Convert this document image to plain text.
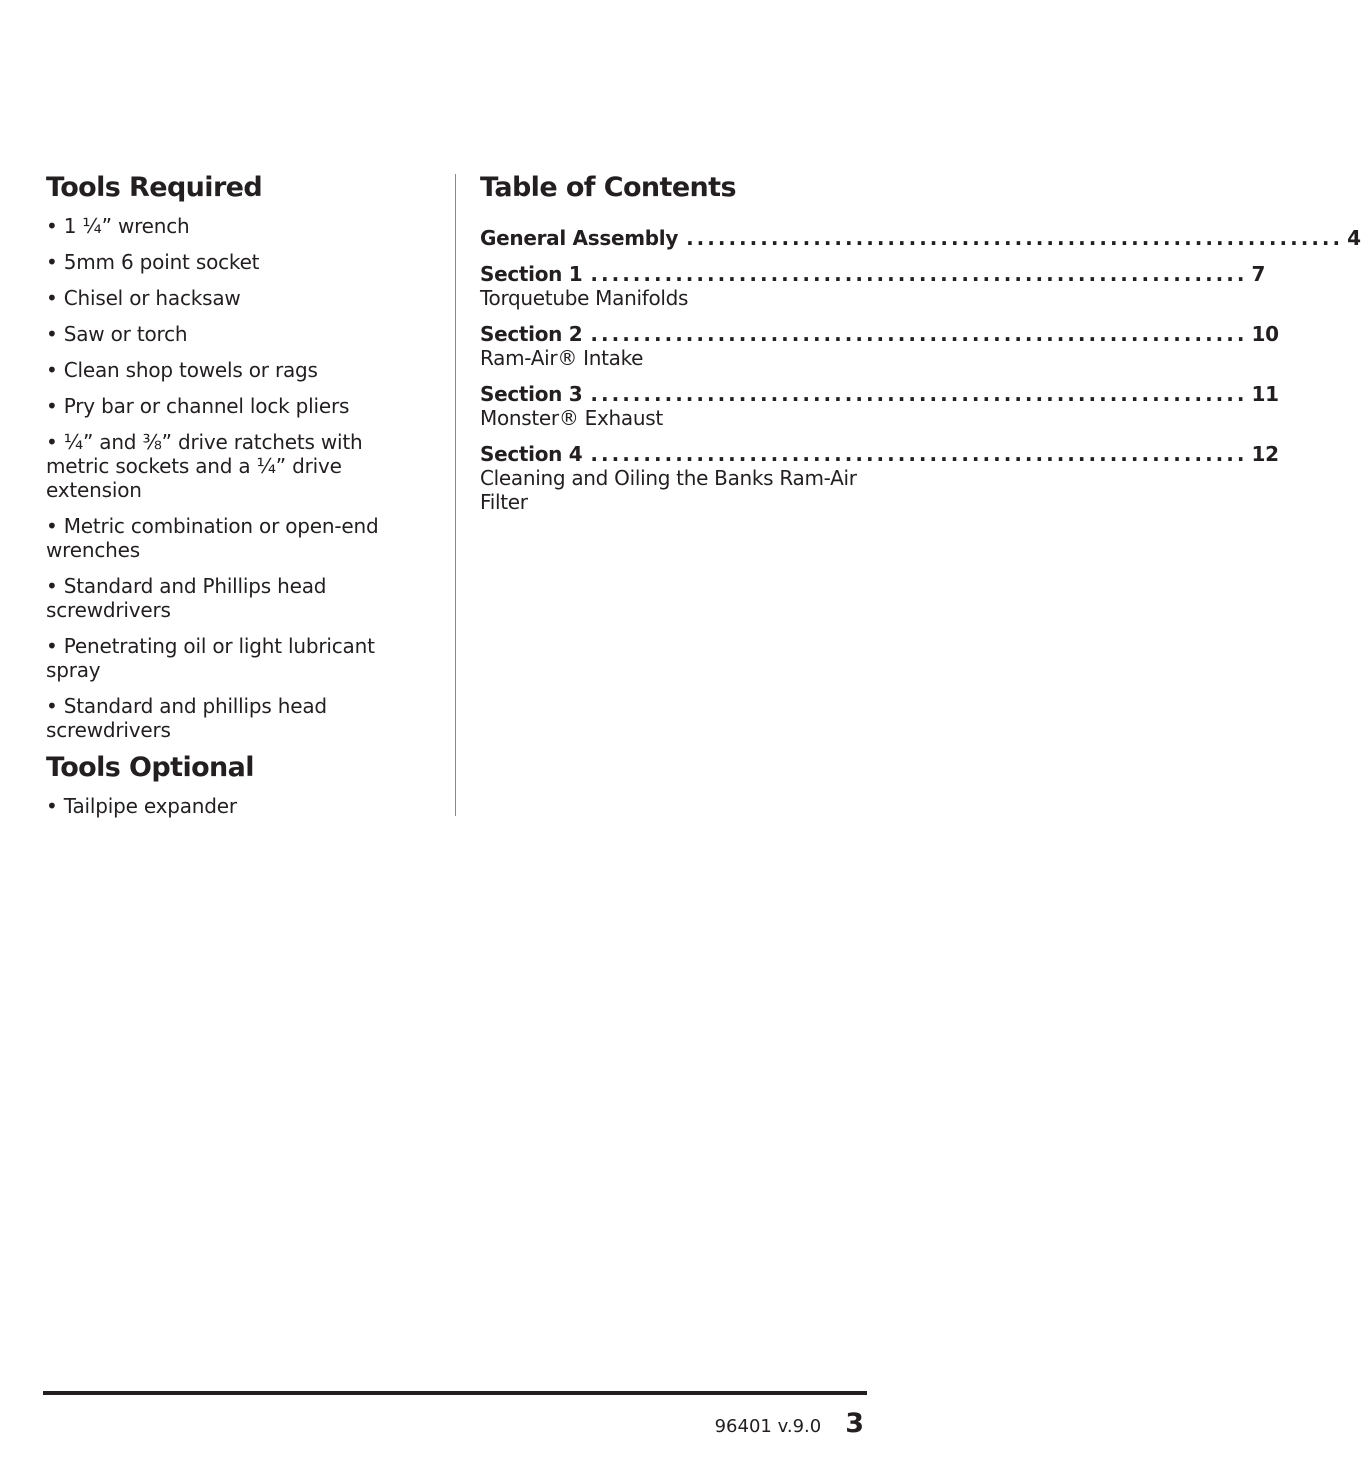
Tools Required
• 1 ¼” wrench
• 5mm 6 point socket
• Chisel or hacksaw
• Saw or torch
• Clean shop towels or rags
• Pry bar or channel lock pliers
• ¼” and ⅜” drive ratchets with metric sockets and a ¼” drive extension
• Metric combination or open-end wrenches
• Standard and Phillips head screwdrivers
• Penetrating oil or light lubricant spray
• Standard and phillips head screwdrivers
Tools Optional
• Tailpipe expander
Table of Contents
General Assembly .............................................................. 4
Section 1 .............................................................. 7
Torquetube Manifolds
Section 2 .............................................................. 10
Ram-Air® Intake
Section 3 .............................................................. 11
Monster® Exhaust
Section 4 .............................................................. 12
Cleaning and Oiling the Banks Ram-Air Filter
96401 v.9.0 3
